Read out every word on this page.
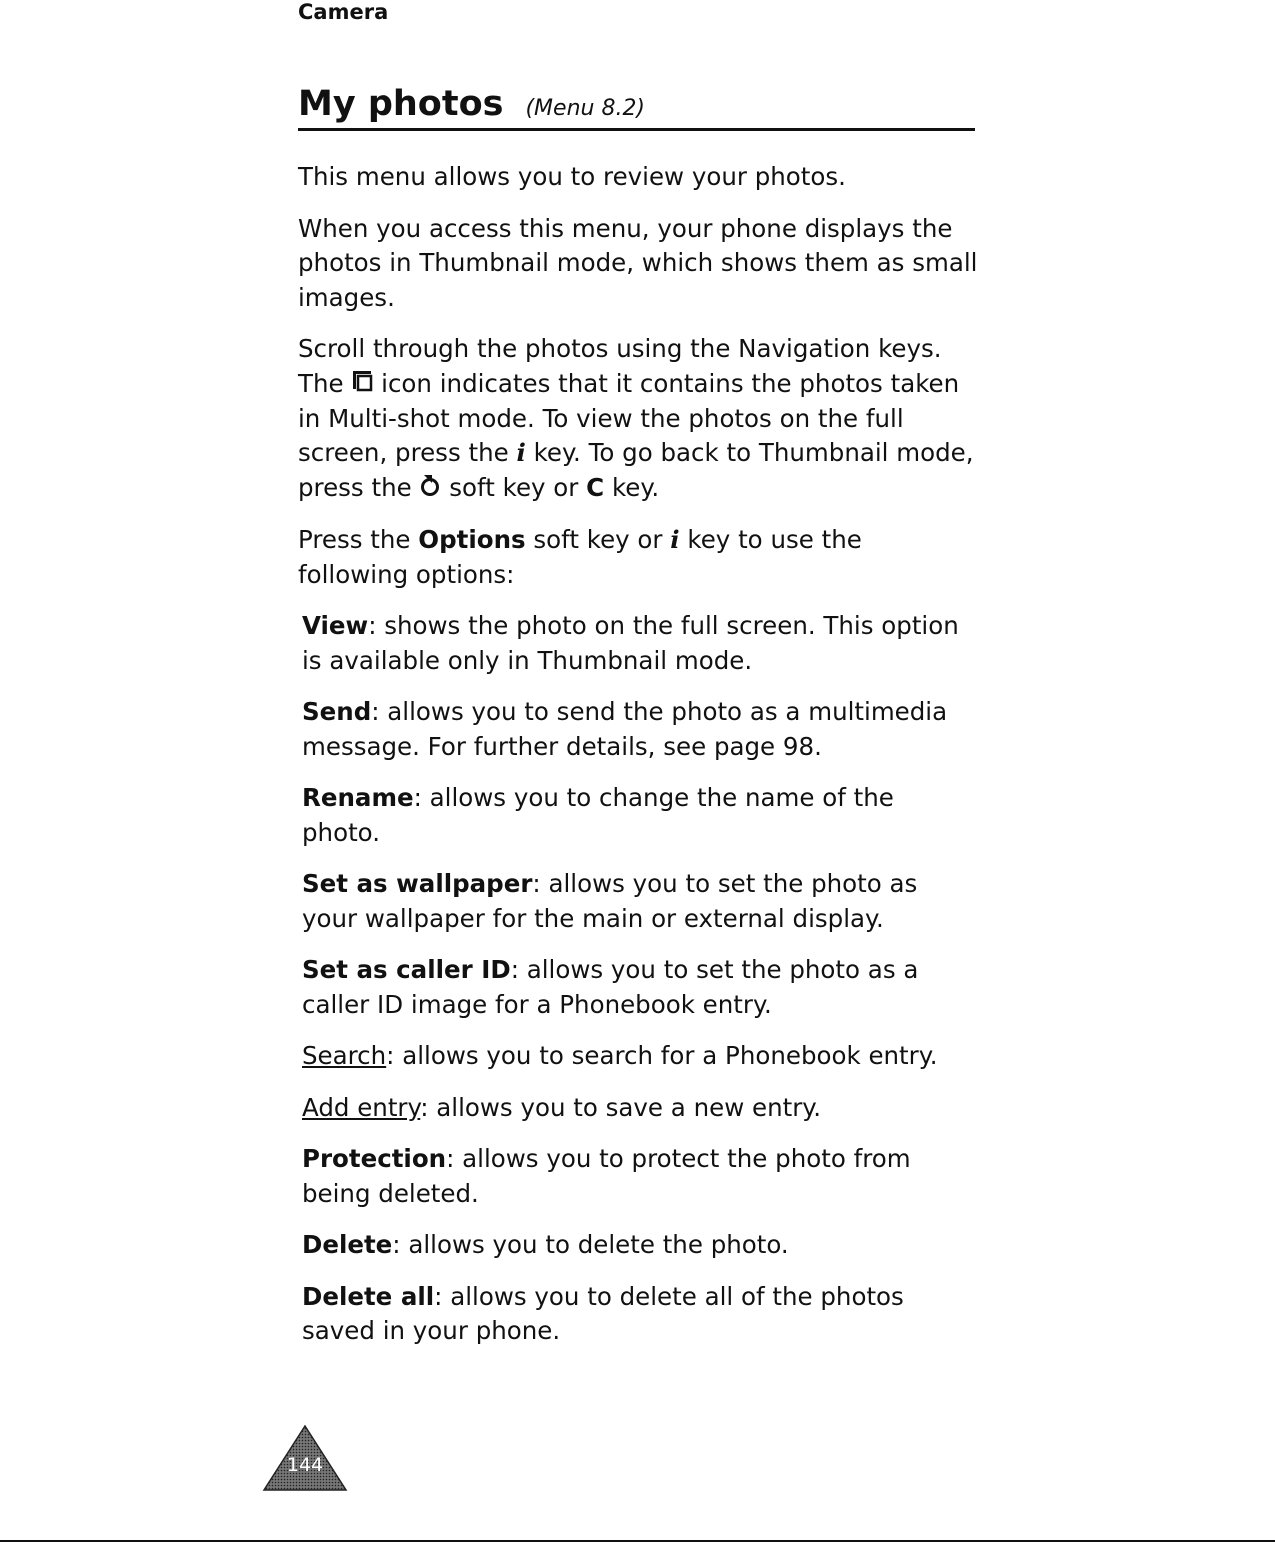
Camera
My photos (Menu 8.2)

This menu allows you to review your photos.

When you access this menu, your phone displays the photos in Thumbnail mode, which shows them as small images.

Scroll through the photos using the Navigation keys. The  icon indicates that it contains the photos taken in Multi-shot mode. To view the photos on the full screen, press the i key. To go back to Thumbnail mode, press the  soft key or C key.

Press the Options soft key or i key to use the following options:

View: shows the photo on the full screen. This option is available only in Thumbnail mode.
Send: allows you to send the photo as a multimedia message. For further details, see page 98.
Rename: allows you to change the name of the photo.
Set as wallpaper: allows you to set the photo as your wallpaper for the main or external display.
Set as caller ID: allows you to set the photo as a caller ID image for a Phonebook entry.
Search: allows you to search for a Phonebook entry.
Add entry: allows you to save a new entry.
Protection: allows you to protect the photo from being deleted.
Delete: allows you to delete the photo.
Delete all: allows you to delete all of the photos saved in your phone.
144
